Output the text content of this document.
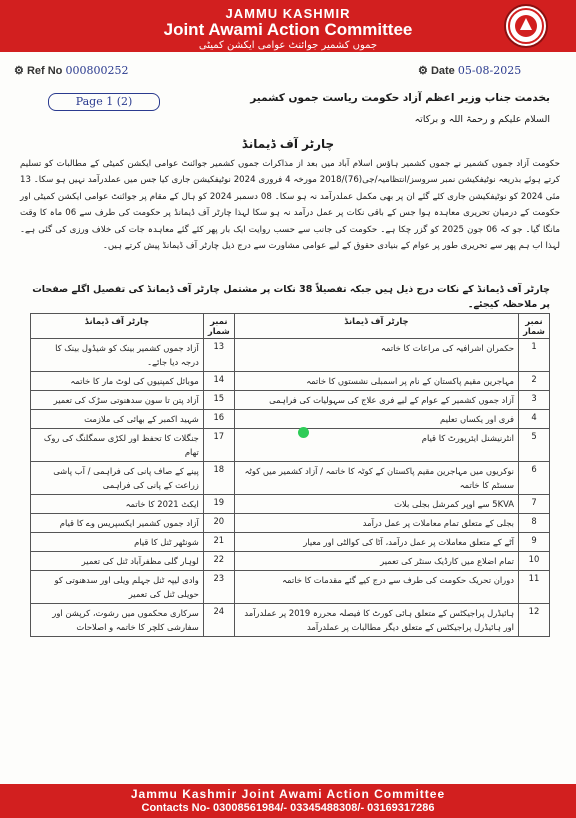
JAMMU KASHMIR
Joint Awami Action Committee
جموں کشمیر جوائنٹ عوامی ایکشن کمیٹی
⚙ Ref No 000800252	⚙ Date 05-08-2025
Page 1 (2)	بخدمت جناب وزیر اعظم آزاد حکومت ریاست جموں کشمیر
السلام علیکم و رحمۃ اللہ و برکاتہ
چارٹر آف ڈیمانڈ
حکومت آزاد جموں کشمیر نے جموں کشمیر ہاؤس اسلام آباد میں بعد از مذاکرات جموں کشمیر جوائنٹ عوامی ایکشن کمیٹی کے مطالبات کو تسلیم کرتے ہوئے بذریعہ نوٹیفکیشن نمبر سروسز/انتظامیہ/جی(76)/2018 مورخہ 4 فروری 2024 نوٹیفکیشن جاری کیا جس میں عملدرآمد نہیں ہو سکا۔ 13 مئی 2024 کو نوٹیفکیشن جاری کئے گئے ان پر بھی مکمل عملدرآمد نہ ہو سکا۔ 08 دسمبر 2024 کو ہال کے مقام پر جوائنٹ عوامی ایکشن کمیٹی اور حکومت کے درمیان تحریری معاہدہ ہوا جس کے باقی نکات پر عمل درآمد نہ ہو سکا لہذا چارٹر آف ڈیمانڈ پر حکومت کی طرف سے 06 ماہ کا وقت مانگا گیا۔ جو کہ 06 جون 2025 کو گزر چکا ہے۔ حکومت کی جانب سے حسب روایت ایک بار پھر کئے گئے معاہدہ جات کی خلاف ورزی کی گئی ہے۔ لہذا اب ہم پھر سے تحریری طور پر عوام کے بنیادی حقوق کے لیے عوامی مشاورت سے درج ذیل چارٹر آف ڈیمانڈ پیش کرتے ہیں۔
چارٹر آف ڈیمانڈ کے نکات درج ذیل ہیں جبکہ تفصیلاً 38 نکات پر مشتمل چارٹر آف ڈیمانڈ کی تفصیل اگلے صفحات پر ملاحظہ کیجئے۔
نمبر شمار	چارٹر آف ڈیمانڈ	نمبر شمار	چارٹر آف ڈیمانڈ
1	حکمران اشرافیہ کی مراعات کا خاتمہ	13	آزاد جموں کشمیر بینک کو شیڈول بینک کا درجہ دیا جائے۔
2	مہاجرین مقیم پاکستان کے نام پر اسمبلی نشستوں کا خاتمہ	14	موبائل کمپنیوں کی لوٹ مار کا خاتمہ
3	آزاد جموں کشمیر کے عوام کے لیے فری علاج کی سہولیات کی فراہمی	15	آزاد پتن تا سون سدھنوتی سڑک کی تعمیر
4	فری اور یکساں تعلیم	16	شہید اکمبر کے بھائی کی ملازمت
5	انٹرنیشنل ایئرپورٹ کا قیام	17	جنگلات کا تحفظ اور لکڑی سمگلنگ کی روک تھام
6	نوکریوں میں مہاجرین مقیم پاکستان کے کوٹہ کا خاتمہ / آزاد کشمیر میں کوٹہ سسٹم کا خاتمہ	18	پینے کے صاف پانی کی فراہمی / آب پاشی زراعت کے پانی کی فراہمی
7	5KVA سے اوپر کمرشل بجلی بلات	19	ایکٹ 2021 کا خاتمہ
8	بجلی کے متعلق تمام معاملات پر عمل درآمد	20	آزاد جموں کشمیر ایکسپریس وے کا قیام
9	آٹے کے متعلق معاملات پر عمل درآمد، آٹا کی کوالٹی اور معیار	21	شونٹھر ٹنل کا قیام
10	تمام اضلاع میں کارڈیک سنٹر کی تعمیر	22	لوہار گلی مظفرآباد ٹنل کی تعمیر
11	دوران تحریک حکومت کی طرف سے درج کیے گئے مقدمات کا خاتمہ	23	وادی لیپہ ٹنل جہلم ویلی اور سدھنوتی کو حویلی ٹنل کی تعمیر
12	ہائیڈرل پراجیکٹس کے متعلق ہائی کورٹ کا فیصلہ محررہ 2019 پر عملدرآمد اور ہائیڈرل پراجیکٹس کے متعلق دیگر مطالبات پر عملدرآمد	24	سرکاری محکموں میں رشوت، کرپشن اور سفارشی کلچر کا خاتمہ و اصلاحات
Jammu Kashmir Joint Awami Action Committee
Contacts No- 03008561984/- 03345488308/- 03169317286
